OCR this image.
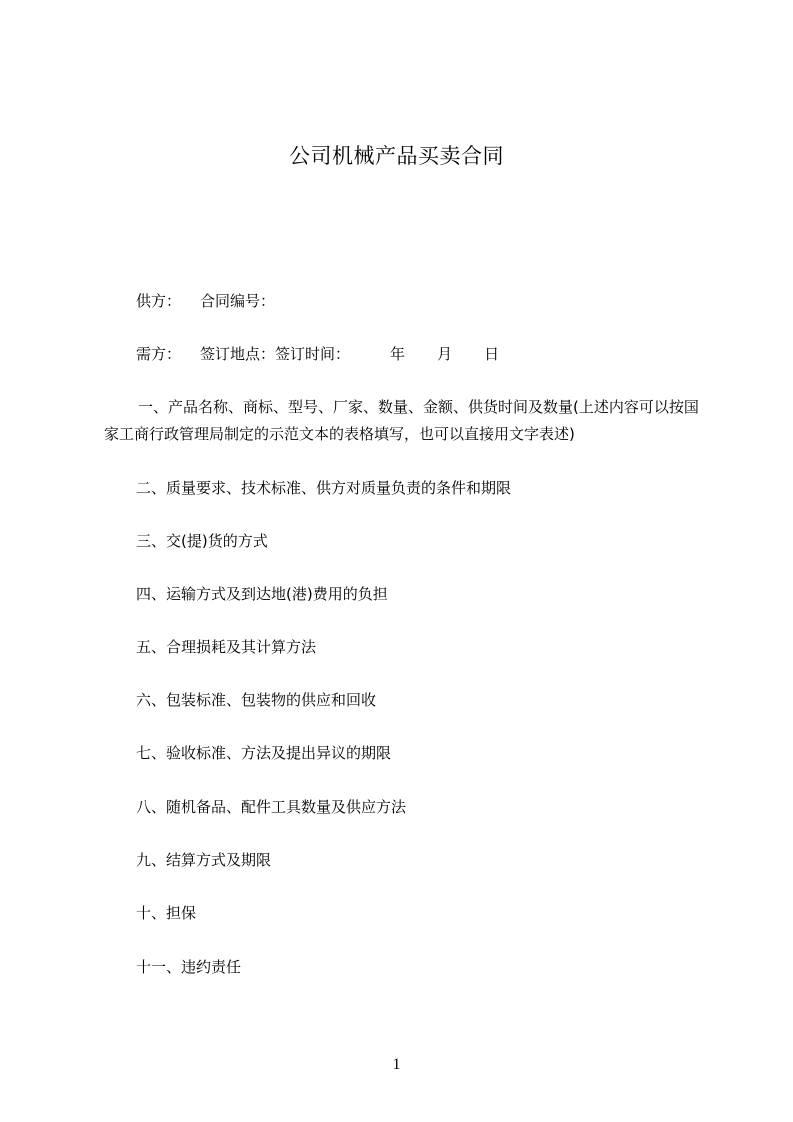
公司机械产品买卖合同
供方： 合同编号：
需方： 签订地点：签订时间：	年 月 日
一、产品名称、商标、型号、厂家、数量、金额、供货时间及数量(上述内容可以按国家工商行政管理局制定的示范文本的表格填写，也可以直接用文字表述)
二、质量要求、技术标准、供方对质量负责的条件和期限
三、交(提)货的方式
四、运输方式及到达地(港)费用的负担
五、合理损耗及其计算方法
六、包装标准、包装物的供应和回收
七、验收标准、方法及提出异议的期限
八、随机备品、配件工具数量及供应方法
九、结算方式及期限
十、担保
十一、违约责任
1
